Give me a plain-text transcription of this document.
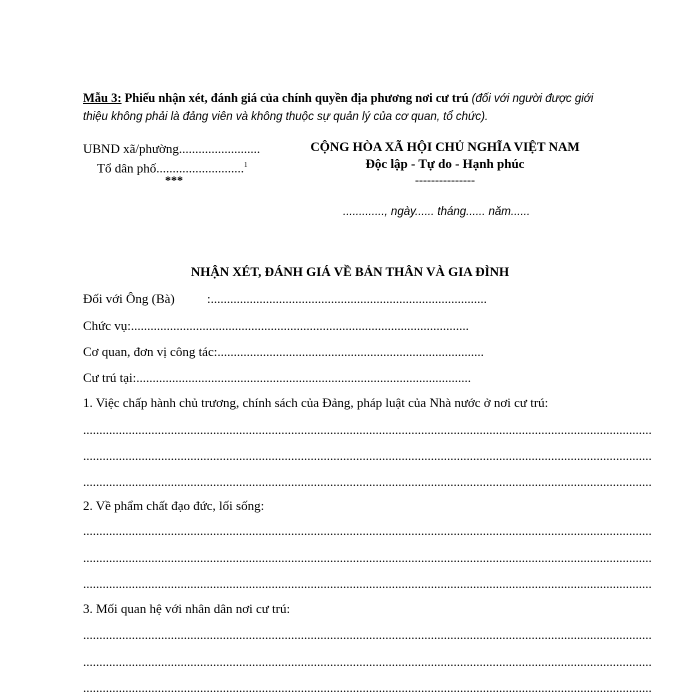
Mẫu 3: Phiếu nhận xét, đánh giá của chính quyền địa phương nơi cư trú (đối với người được giới thiệu không phải là đảng viên và không thuộc sự quản lý của cơ quan, tổ chức).
UBND xã/phường.........................
Tổ dân phố...........................$^1$
***
CỘNG HÒA XÃ HỘI CHỦ NGHĨA VIỆT NAM
Độc lập - Tự do - Hạnh phúc
---------------
............., ngày...... tháng...... năm......
NHẬN XÉT, ĐÁNH GIÁ VỀ BẢN THÂN VÀ GIA ĐÌNH
Đối với Ông (Bà) :.....................................................................................
Chức vụ:........................................................................................................
Cơ quan, đơn vị công tác:..................................................................................
Cư trú tại:.......................................................................................................
1. Việc chấp hành chủ trương, chính sách của Đảng, pháp luật của Nhà nước ở nơi cư trú:
...............................................................................................................................................................................
...............................................................................................................................................................................
...............................................................................................................................................................................
2. Về phẩm chất đạo đức, lối sống:
...............................................................................................................................................................................
...............................................................................................................................................................................
...............................................................................................................................................................................
3. Mối quan hệ với nhân dân nơi cư trú:
...............................................................................................................................................................................
...............................................................................................................................................................................
...............................................................................................................................................................................
